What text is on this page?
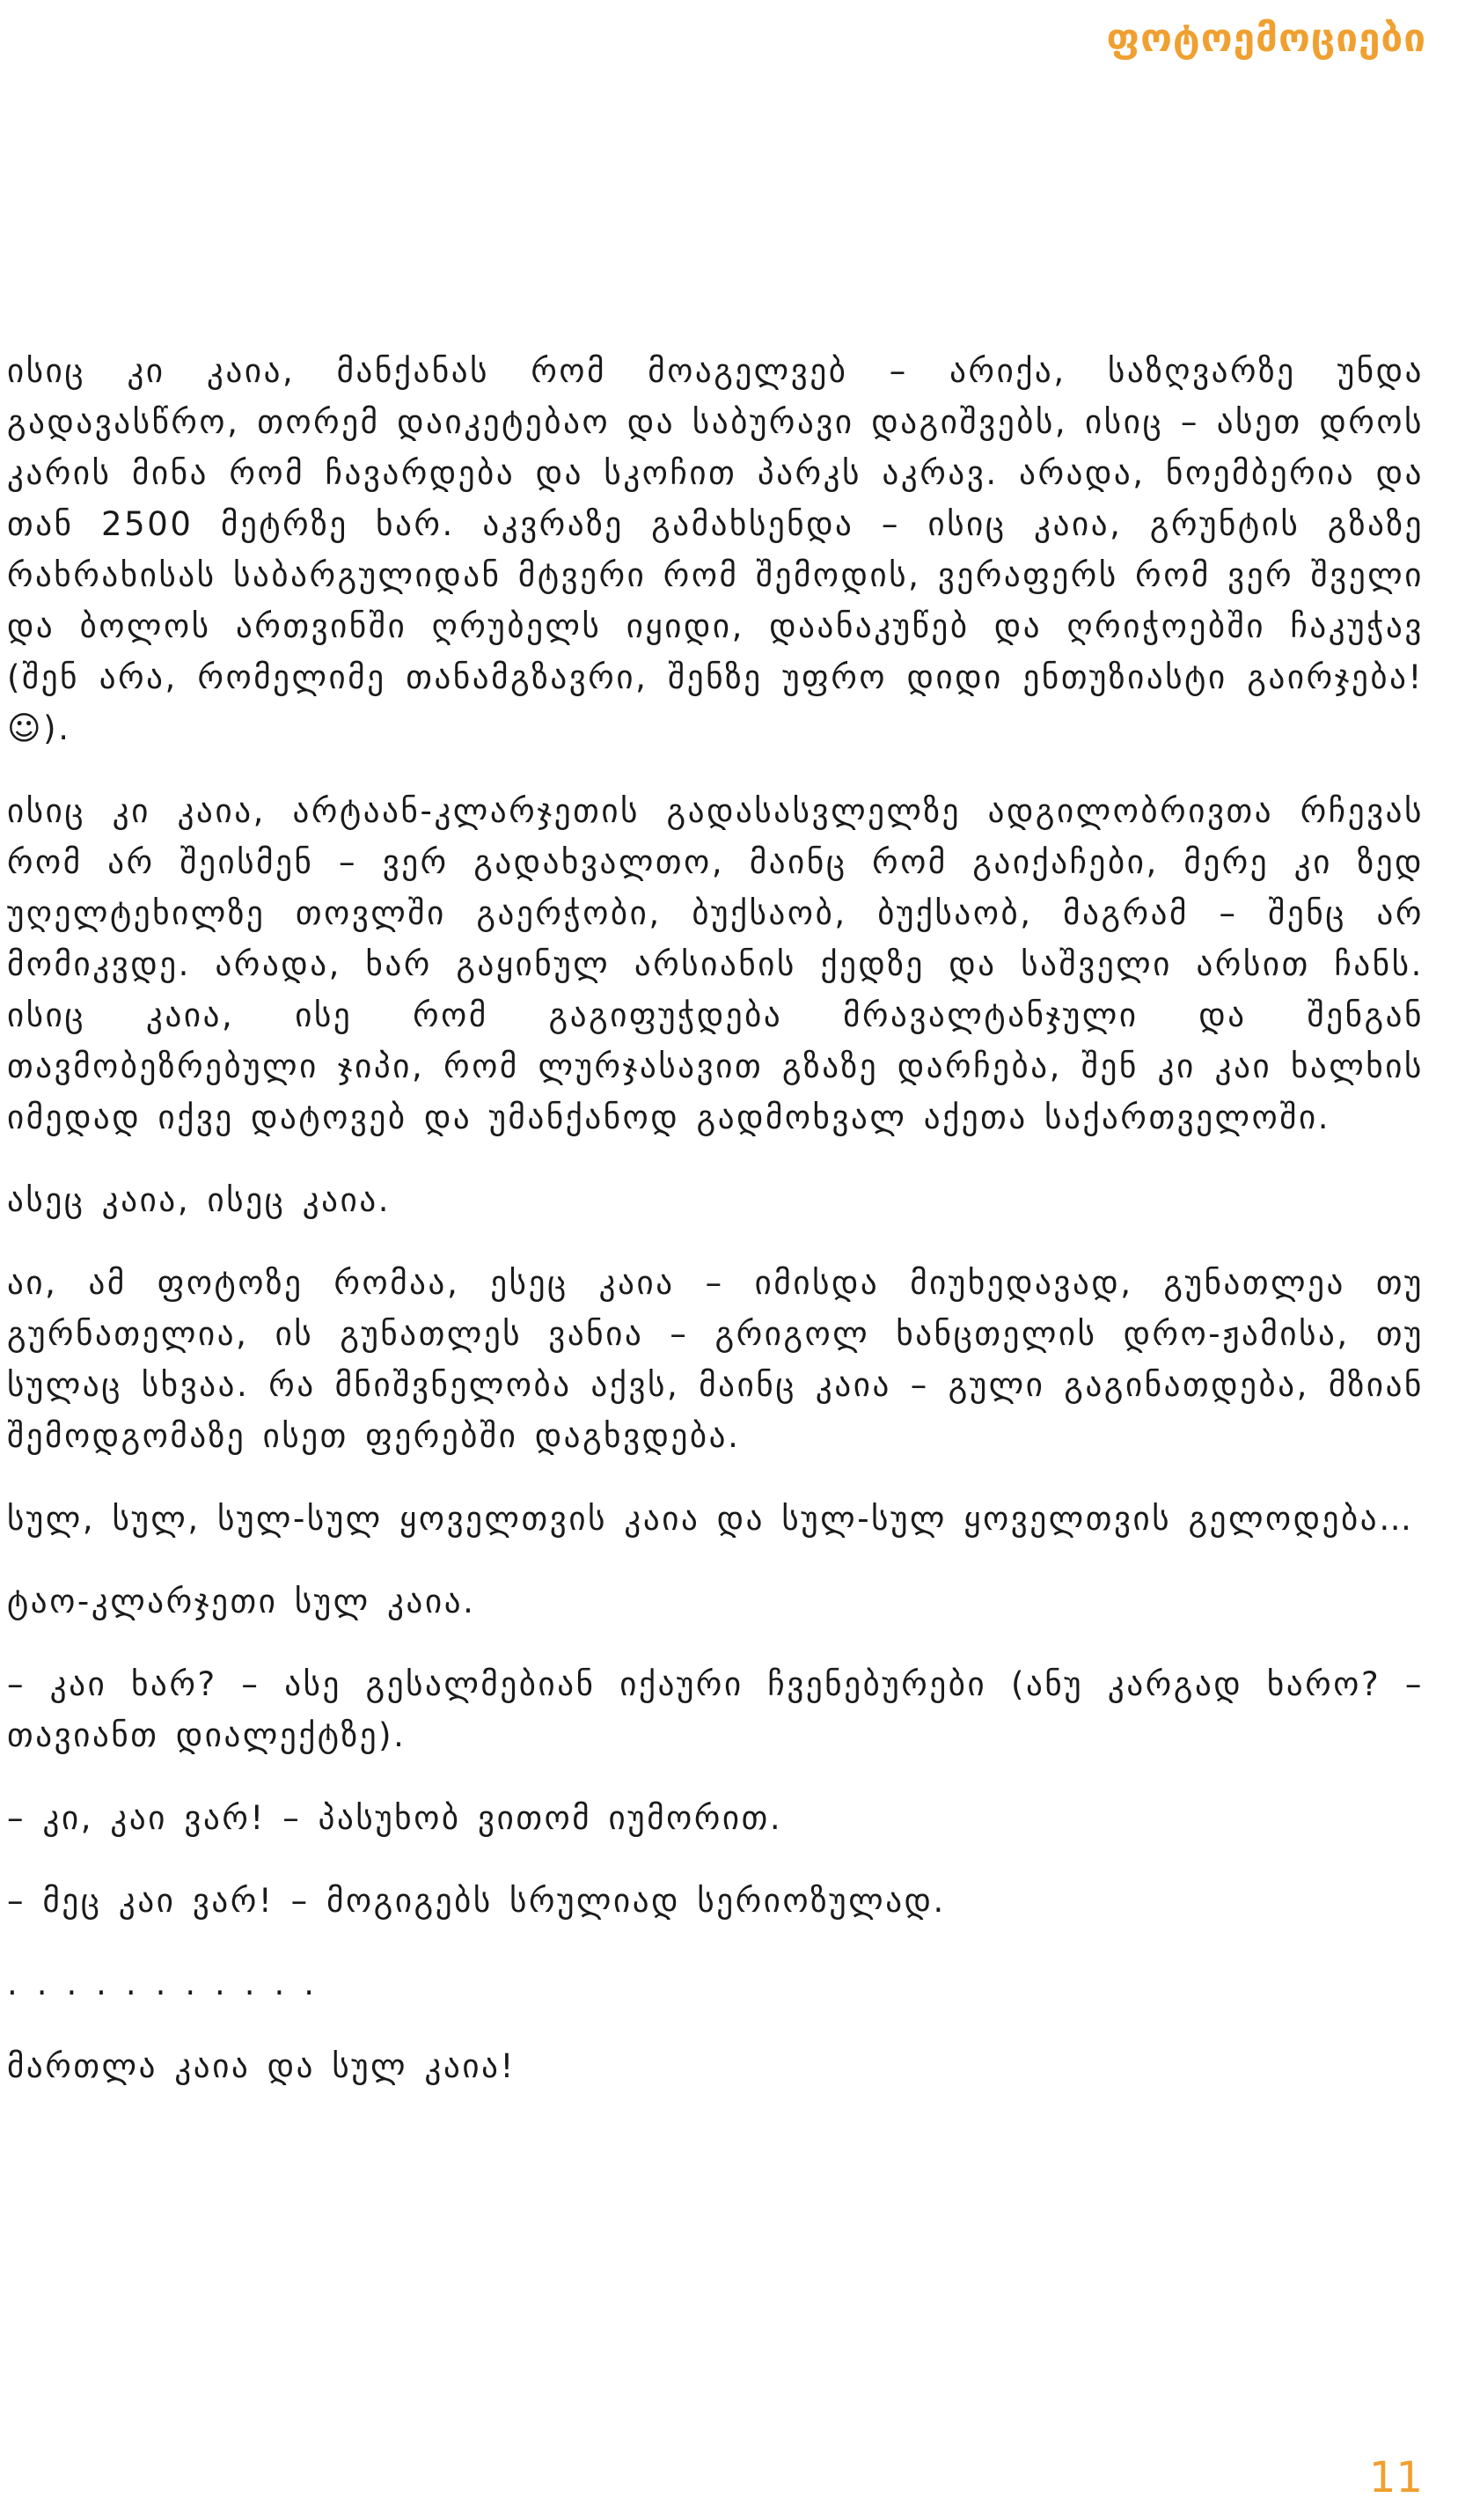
ფოტოემოციები

ისიც კი კაია, მანქანას რომ მოაგელვებ – არიქა, საზღვარზე უნდა გადავასწრო, თორემ დაიკეტებაო და საბურავი დაგიშვებს, ისიც – ასეთ დროს კარის მინა რომ ჩავარდება და სკოჩით პარკს აკრავ. არადა, ნოემბერია და თან 2500 მეტრზე ხარ. აკვრაზე გამახსენდა – ისიც კაია, გრუნტის გზაზე რახრახისას საბარგულიდან მტვერი რომ შემოდის, ვერაფერს რომ ვერ შველი და ბოლოს ართვინში ღრუბელს იყიდი, დაანაკუწებ და ღრიჭოებში ჩაკუჭავ (შენ არა, რომელიმე თანამგზავრი, შენზე უფრო დიდი ენთუზიასტი გაირჯება! ☺).

ისიც კი კაია, არტაან-კლარჯეთის გადასასვლელზე ადგილობრივთა რჩევას რომ არ შეისმენ – ვერ გადახვალთო, მაინც რომ გაიქაჩები, მერე კი ზედ უღელტეხილზე თოვლში გაერჭობი, ბუქსაობ, ბუქსაობ, მაგრამ – შენც არ მომიკვდე. არადა, ხარ გაყინულ არსიანის ქედზე და საშველი არსით ჩანს. ისიც კაია, ისე რომ გაგიფუჭდება მრავალტანჯული და შენგან თავმობეზრებული ჯიპი, რომ ლურჯასავით გზაზე დარჩება, შენ კი კაი ხალხის იმედად იქვე დატოვებ და უმანქანოდ გადმოხვალ აქეთა საქართველოში.

ასეც კაია, ისეც კაია.

აი, ამ ფოტოზე რომაა, ესეც კაია – იმისდა მიუხედავად, გუნათლეა თუ გურნათელია, ის გუნათლეს ვანია – გრიგოლ ხანცთელის დრო-ჟამისა, თუ სულაც სხვაა. რა მნიშვნელობა აქვს, მაინც კაია – გული გაგინათდება, მზიან შემოდგომაზე ისეთ ფერებში დაგხვდება.

სულ, სულ, სულ-სულ ყოველთვის კაია და სულ-სულ ყოველთვის გელოდება…

ტაო-კლარჯეთი სულ კაია.

– კაი ხარ? – ასე გესალმებიან იქაური ჩვენებურები (ანუ კარგად ხარო? – თავიანთ დიალექტზე).

– კი, კაი ვარ! – პასუხობ ვითომ იუმორით.

– მეც კაი ვარ! – მოგიგებს სრულიად სერიოზულად.

. . . . . . . . . . .

მართლა კაია და სულ კაია!

11
